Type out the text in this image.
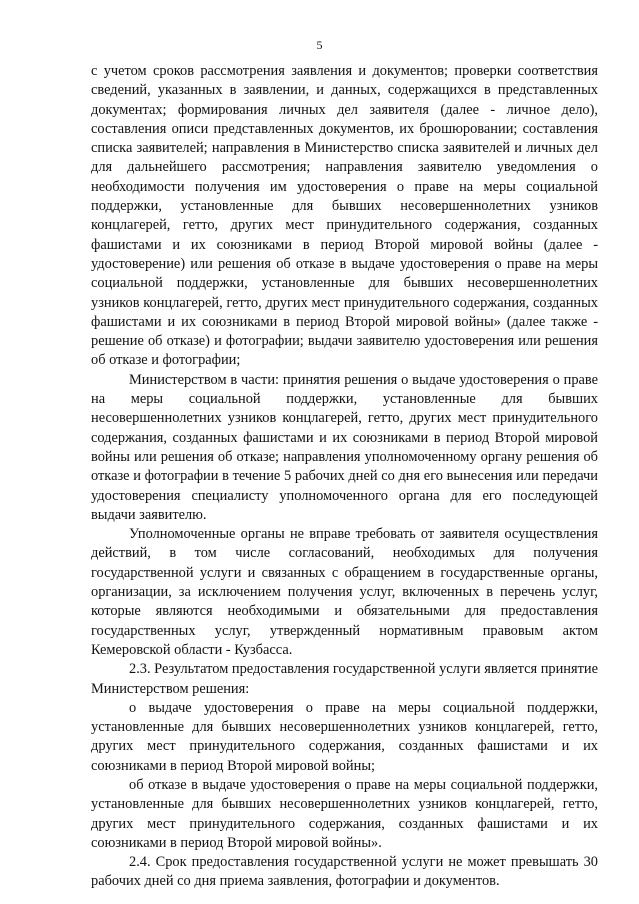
5

с учетом сроков рассмотрения заявления и документов; проверки соответствия сведений, указанных в заявлении, и данных, содержащихся в представленных документах; формирования личных дел заявителя (далее - личное дело), составления описи представленных документов, их брошюровании; составления списка заявителей; направления в Министерство списка заявителей и личных дел для дальнейшего рассмотрения; направления заявителю уведомления о необходимости получения им удостоверения о праве на меры социальной поддержки, установленные для бывших несовершеннолетних узников концлагерей, гетто, других мест принудительного содержания, созданных фашистами и их союзниками в период Второй мировой войны (далее - удостоверение) или решения об отказе в выдаче удостоверения о праве на меры социальной поддержки, установленные для бывших несовершеннолетних узников концлагерей, гетто, других мест принудительного содержания, созданных фашистами и их союзниками в период Второй мировой войны» (далее также - решение об отказе) и фотографии; выдачи заявителю удостоверения или решения об отказе и фотографии;

Министерством в части: принятия решения о выдаче удостоверения о праве на меры социальной поддержки, установленные для бывших несовершеннолетних узников концлагерей, гетто, других мест принудительного содержания, созданных фашистами и их союзниками в период Второй мировой войны или решения об отказе; направления уполномоченному органу решения об отказе и фотографии в течение 5 рабочих дней со дня его вынесения или передачи удостоверения специалисту уполномоченного органа для его последующей выдачи заявителю.

Уполномоченные органы не вправе требовать от заявителя осуществления действий, в том числе согласований, необходимых для получения государственной услуги и связанных с обращением в государственные органы, организации, за исключением получения услуг, включенных в перечень услуг, которые являются необходимыми и обязательными для предоставления государственных услуг, утвержденный нормативным правовым актом Кемеровской области - Кузбасса.

2.3. Результатом предоставления государственной услуги является принятие Министерством решения:

о выдаче удостоверения о праве на меры социальной поддержки, установленные для бывших несовершеннолетних узников концлагерей, гетто, других мест принудительного содержания, созданных фашистами и их союзниками в период Второй мировой войны;

об отказе в выдаче удостоверения о праве на меры социальной поддержки, установленные для бывших несовершеннолетних узников концлагерей, гетто, других мест принудительного содержания, созданных фашистами и их союзниками в период Второй мировой войны».

2.4. Срок предоставления государственной услуги не может превышать 30 рабочих дней со дня приема заявления, фотографии и документов.
